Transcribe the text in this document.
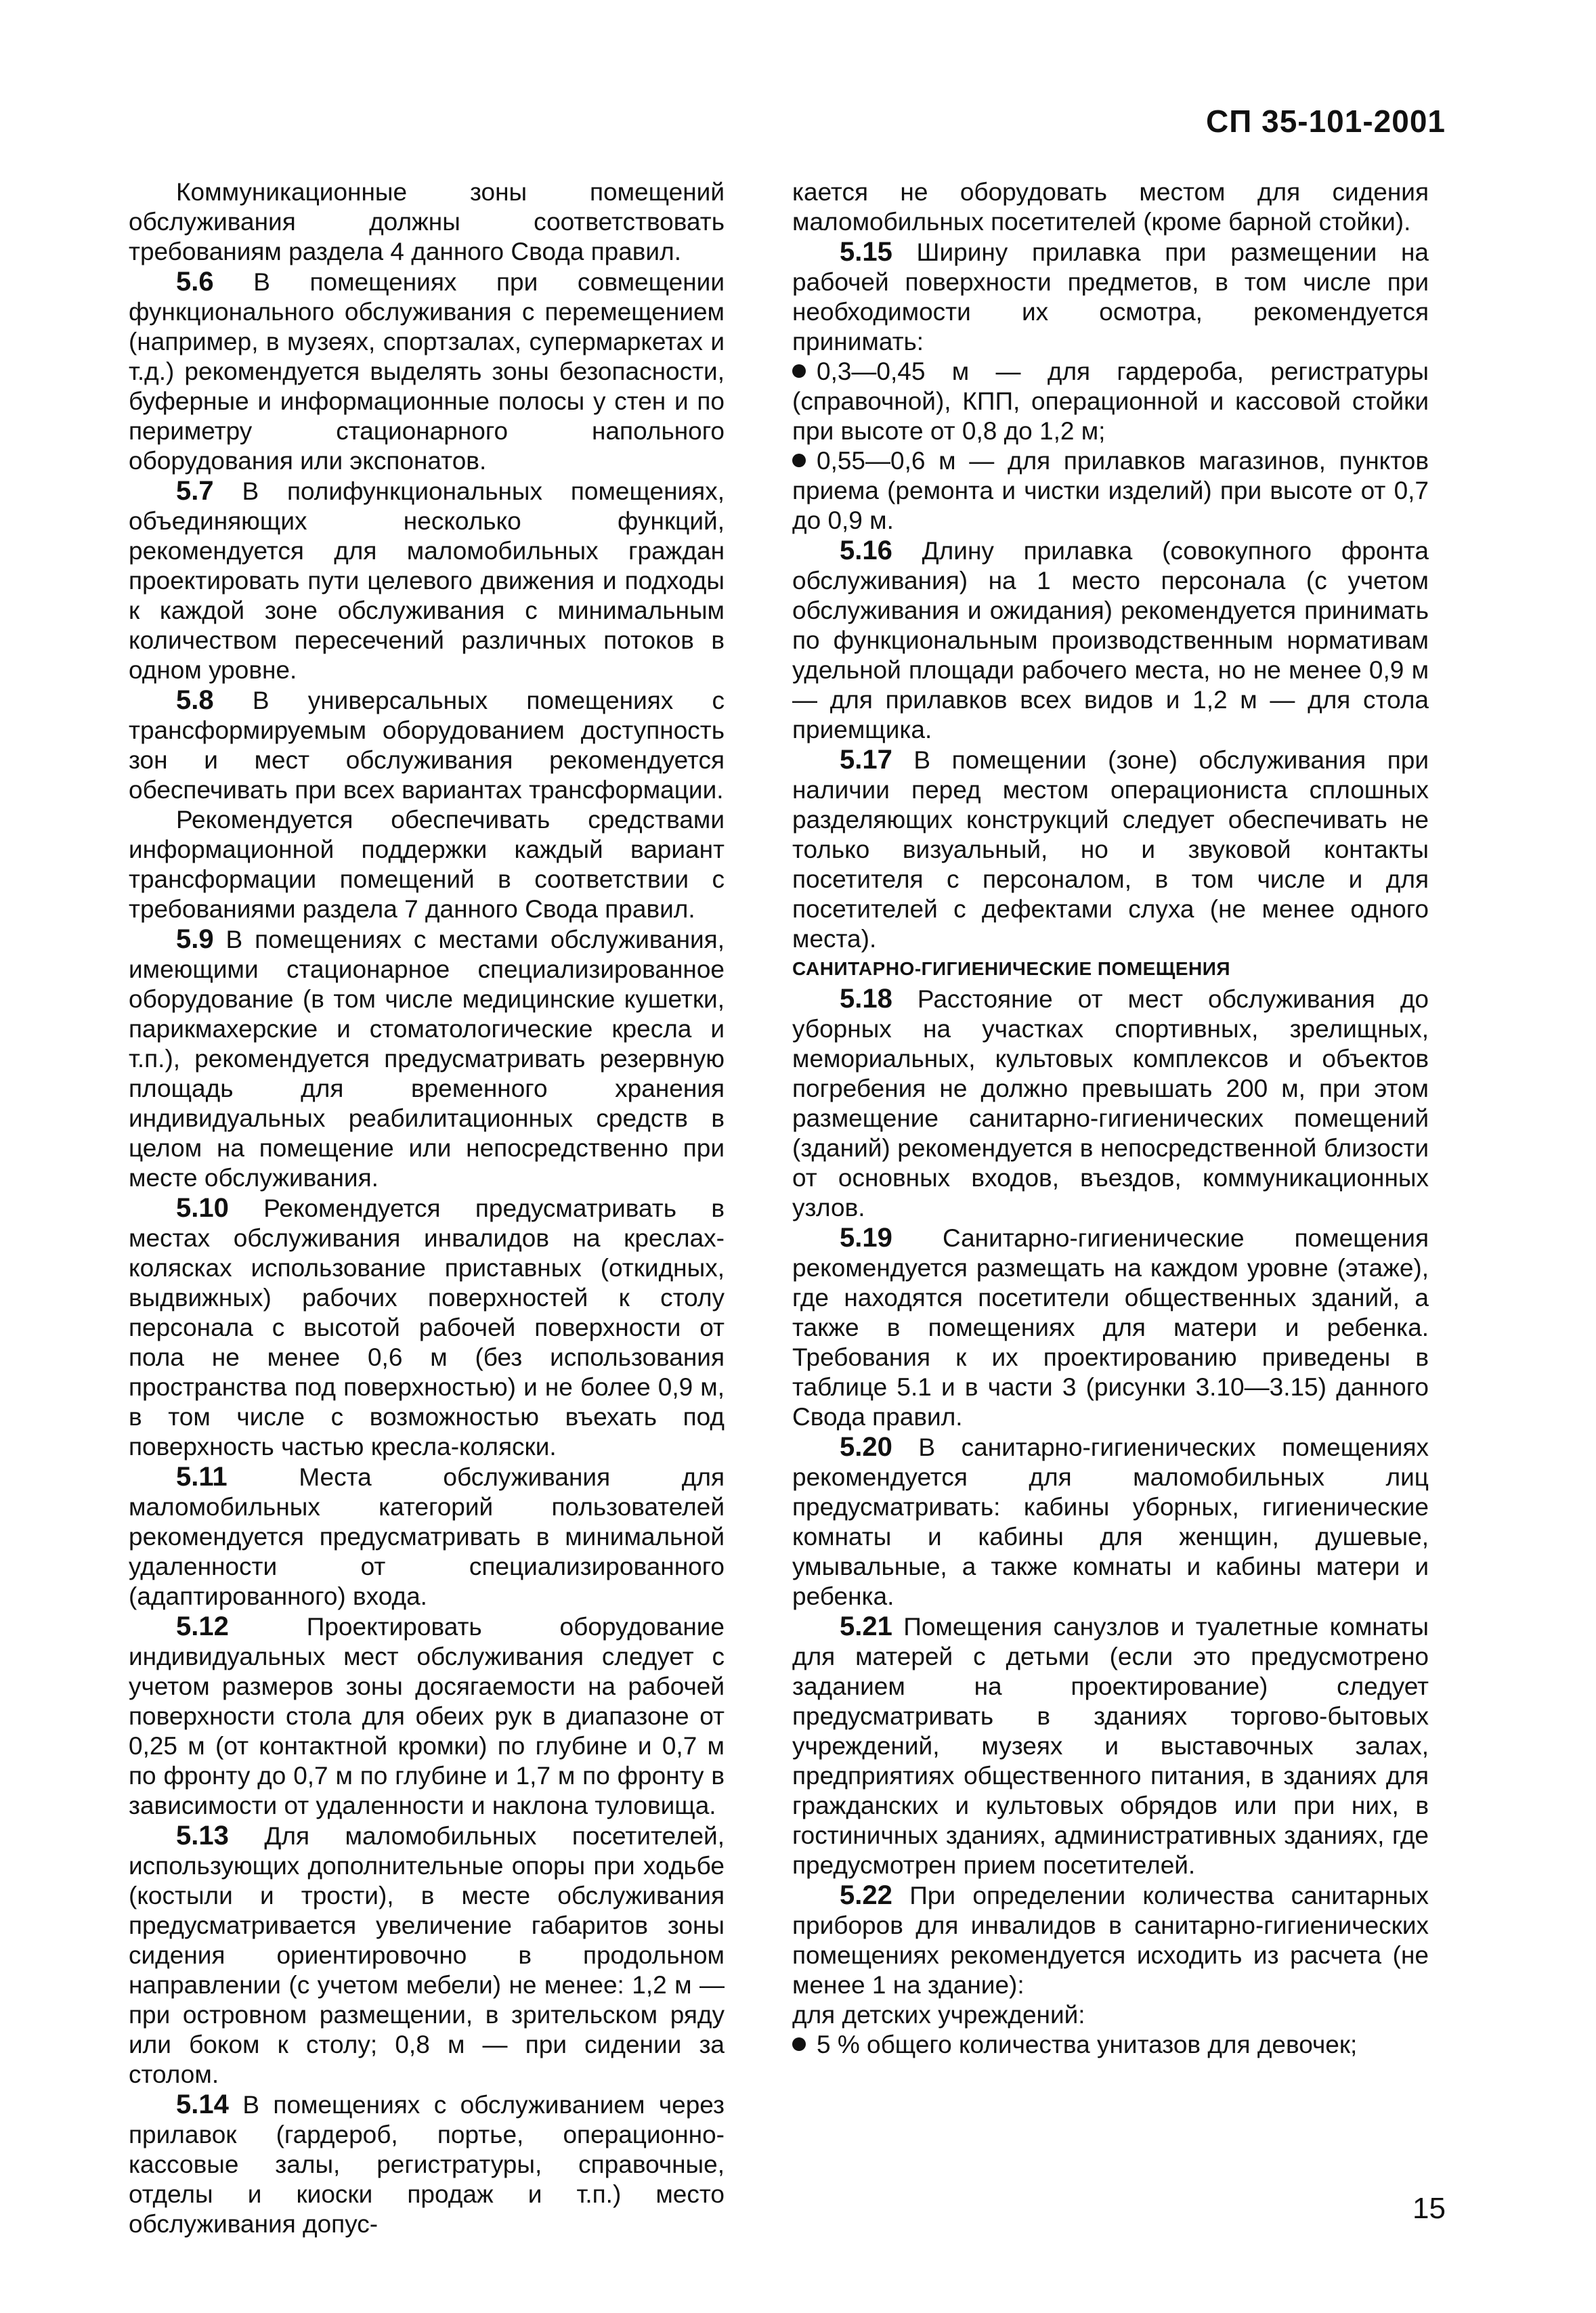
СП 35-101-2001

Коммуникационные зоны помещений обслуживания должны соответствовать требованиям раздела 4 данного Свода правил.

5.6 В помещениях при совмещении функционального обслуживания с перемещением (например, в музеях, спортзалах, супермаркетах и т.д.) рекомендуется выделять зоны безопасности, буферные и информационные полосы у стен и по периметру стационарного напольного оборудования или экспонатов.

5.7 В полифункциональных помещениях, объединяющих несколько функций, рекомендуется для маломобильных граждан проектировать пути целевого движения и подходы к каждой зоне обслуживания с минимальным количеством пересечений различных потоков в одном уровне.

5.8 В универсальных помещениях с трансформируемым оборудованием доступность зон и мест обслуживания рекомендуется обеспечивать при всех вариантах трансформации.

Рекомендуется обеспечивать средствами информационной поддержки каждый вариант трансформации помещений в соответствии с требованиями раздела 7 данного Свода правил.

5.9 В помещениях с местами обслуживания, имеющими стационарное специализированное оборудование (в том числе медицинские кушетки, парикмахерские и стоматологические кресла и т.п.), рекомендуется предусматривать резервную площадь для временного хранения индивидуальных реабилитационных средств в целом на помещение или непосредственно при месте обслуживания.

5.10 Рекомендуется предусматривать в местах обслуживания инвалидов на креслах-колясках использование приставных (откидных, выдвижных) рабочих поверхностей к столу персонала с высотой рабочей поверхности от пола не менее 0,6 м (без использования пространства под поверхностью) и не более 0,9 м, в том числе с возможностью въехать под поверхность частью кресла-коляски.

5.11	Места обслуживания для маломобильных категорий пользователей рекомендуется предусматривать в минимальной удаленности от специализированного (адаптированного) входа.

5.12	Проектировать оборудование индивидуальных мест обслуживания следует с учетом размеров зоны досягаемости на рабочей поверхности стола для обеих рук в диапазоне от 0,25 м (от контактной кромки) по глубине и 0,7 м по фронту до 0,7 м по глубине и 1,7 м по фронту в зависимости от удаленности и наклона туловища.

5.13 Для маломобильных посетителей, использующих дополнительные опоры при ходьбе (костыли и трости), в месте обслуживания предусматривается увеличение габаритов зоны сидения ориентировочно в продольном направлении (с учетом мебели) не менее: 1,2 м — при островном размещении, в зрительском ряду или боком к столу; 0,8 м — при сидении за столом.

5.14 В помещениях с обслуживанием через прилавок (гардероб, портье, операционно-кассовые залы, регистратуры, справочные, отделы и киоски продаж и т.п.) место обслуживания допус-

кается не оборудовать местом для сидения маломобильных посетителей (кроме барной стойки).

5.15 Ширину прилавка при размещении на рабочей поверхности предметов, в том числе при необходимости их осмотра, рекомендуется принимать:

0,3—0,45 м — для гардероба, регистратуры (справочной), КПП, операционной и кассовой стойки при высоте от 0,8 до 1,2 м;

0,55—0,6 м — для прилавков магазинов, пунктов приема (ремонта и чистки изделий) при высоте от 0,7 до 0,9 м.

5.16 Длину прилавка (совокупного фронта обслуживания) на 1 место персонала (с учетом обслуживания и ожидания) рекомендуется принимать по функциональным производственным нормативам удельной площади рабочего места, но не менее 0,9 м — для прилавков всех видов и 1,2 м — для стола приемщика.

5.17 В помещении (зоне) обслуживания при наличии перед местом операциониста сплошных разделяющих конструкций следует обеспечивать не только визуальный, но и звуковой контакты посетителя с персоналом, в том числе и для посетителей с дефектами слуха (не менее одного места).

САНИТАРНО-ГИГИЕНИЧЕСКИЕ ПОМЕЩЕНИЯ

5.18 Расстояние от мест обслуживания до уборных на участках спортивных, зрелищных, мемориальных, культовых комплексов и объектов погребения не должно превышать 200 м, при этом размещение санитарно-гигиенических помещений (зданий) рекомендуется в непосредственной близости от основных входов, въездов, коммуникационных узлов.

5.19 Санитарно-гигиенические помещения рекомендуется размещать на каждом уровне (этаже), где находятся посетители общественных зданий, а также в помещениях для матери и ребенка. Требования к их проектированию приведены в таблице 5.1 и в части 3 (рисунки 3.10—3.15) данного Свода правил.

5.20 В санитарно-гигиенических помещениях рекомендуется для маломобильных лиц предусматривать: кабины уборных, гигиенические комнаты и кабины для женщин, душевые, умывальные, а также комнаты и кабины матери и ребенка.

5.21 Помещения санузлов и туалетные комнаты для матерей с детьми (если это предусмотрено заданием на проектирование) следует предусматривать в зданиях торгово-бытовых учреждений, музеях и выставочных залах, предприятиях общественного питания, в зданиях для гражданских и культовых обрядов или при них, в гостиничных зданиях, административных зданиях, где предусмотрен прием посетителей.

5.22 При определении количества санитарных приборов для инвалидов в санитарно-гигиенических помещениях рекомендуется исходить из расчета (не менее 1 на здание):

для детских учреждений:

5 % общего количества унитазов для девочек;

15
